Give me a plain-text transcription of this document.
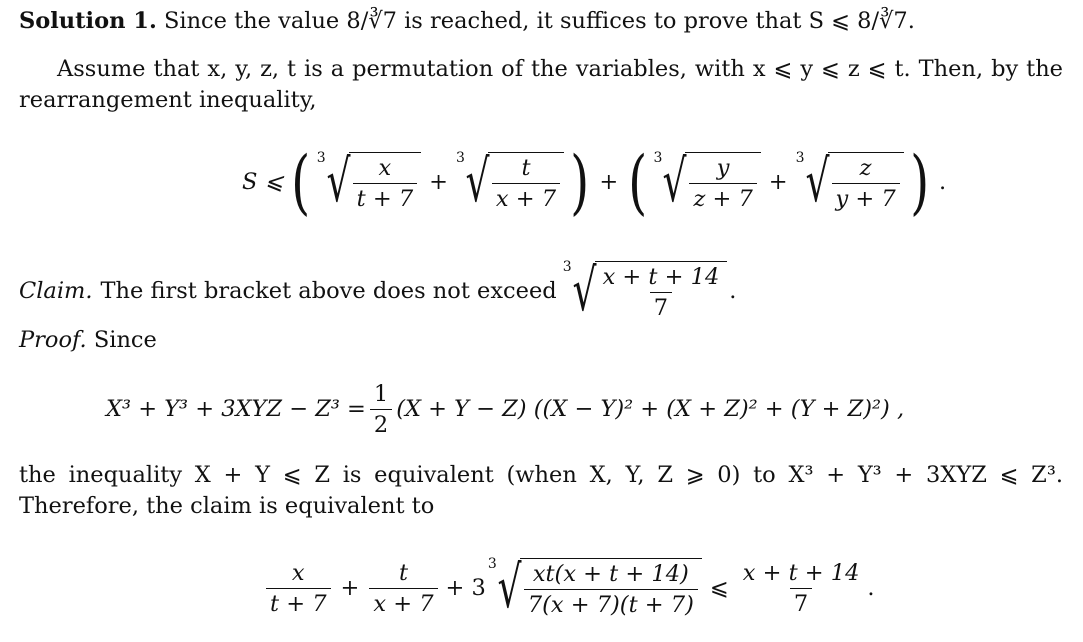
Solution 1. Since the value 8/∛7 is reached, it suffices to prove that S ⩽ 8/∛7.
Assume that x, y, z, t is a permutation of the variables, with x ⩽ y ⩽ z ⩽ t. Then, by the rearrangement inequality,
S ⩽ ( 3 √ $\frac{x}{t + 7}$ +
3 √ $\frac{t}{x + 7}$ ) + ( 3 √ $\frac{y}{z + 7}$ +
3 √ $\frac{z}{y + 7}$ ) .
Claim. The first bracket above does not exceed
3 √ $\frac{x + t + 14}{7}$ .
Proof. Since
$X^3 + Y^3 + 3XYZ - Z^3 = \frac{1}{2} (X + Y - Z) ((X - Y)^2 + (X + Z)^2 + (Y + Z)^2)$ ,
the inequality X + Y ⩽ Z is equivalent (when X, Y, Z ⩾ 0) to X³ + Y³ + 3XYZ ⩽ Z³.
Therefore, the claim is equivalent to
$\frac{x}{t + 7} + \frac{t}{x + 7} + 3$
3 √ $\frac{xt(x + t + 14)}{7(x + 7)(t + 7)}$ ⩽ $\frac{x + t + 14}{7}$ .
